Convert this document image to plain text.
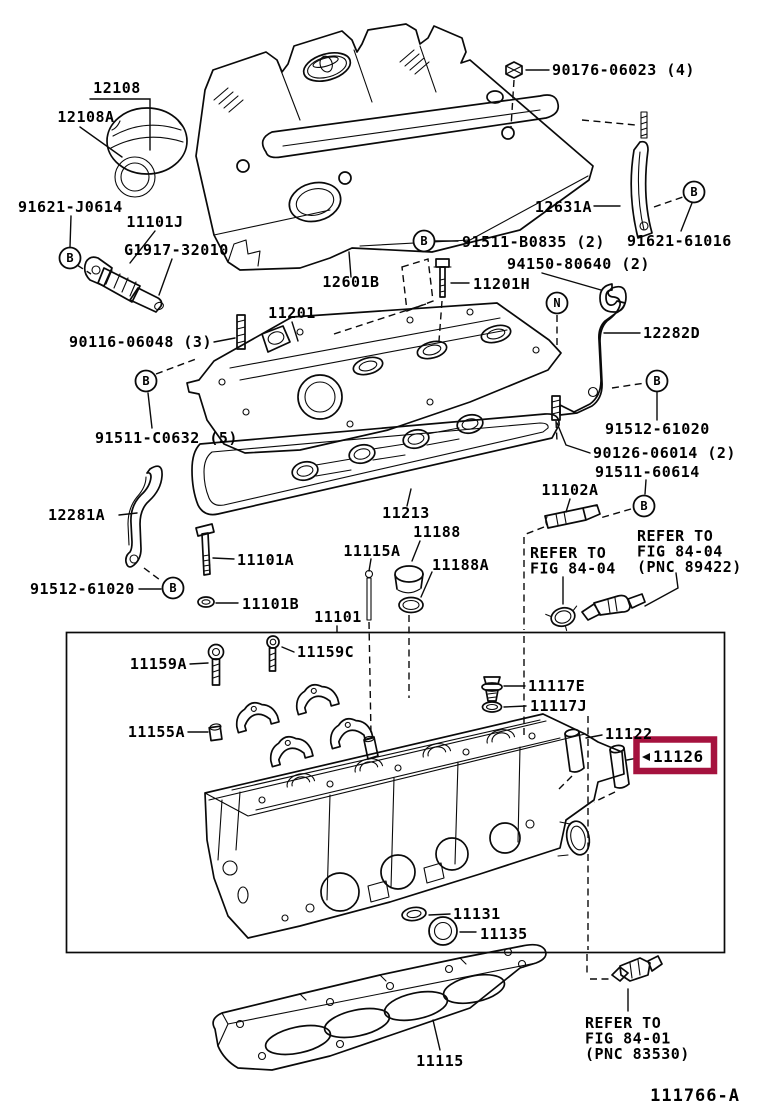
11126
12108
12108A
91621-J0614
11101J
G1917-32010
90116-06048 (3)
12601B
11201
90176-06023 (4)
12631A
91621-61016
91511-B0835 (2)
94150-80640 (2)
11201H
12282D
91511-C0632 (5)	91512-61020
90126-06014 (2)
91511-60614
11102A
12281A
91512-61020
11101A
11101B
11213
11188
11115A
11188A
11101
11159C
11159A
11155A
11117E
11117J
11122
11131
11135
11115
B
B
B
B	B
B
B
N
REFER TO FIG 84-04
REFER TO FIG 84-04 (PNC 89422)
REFER TO FIG 84-01 (PNC 83530)
111766-A
